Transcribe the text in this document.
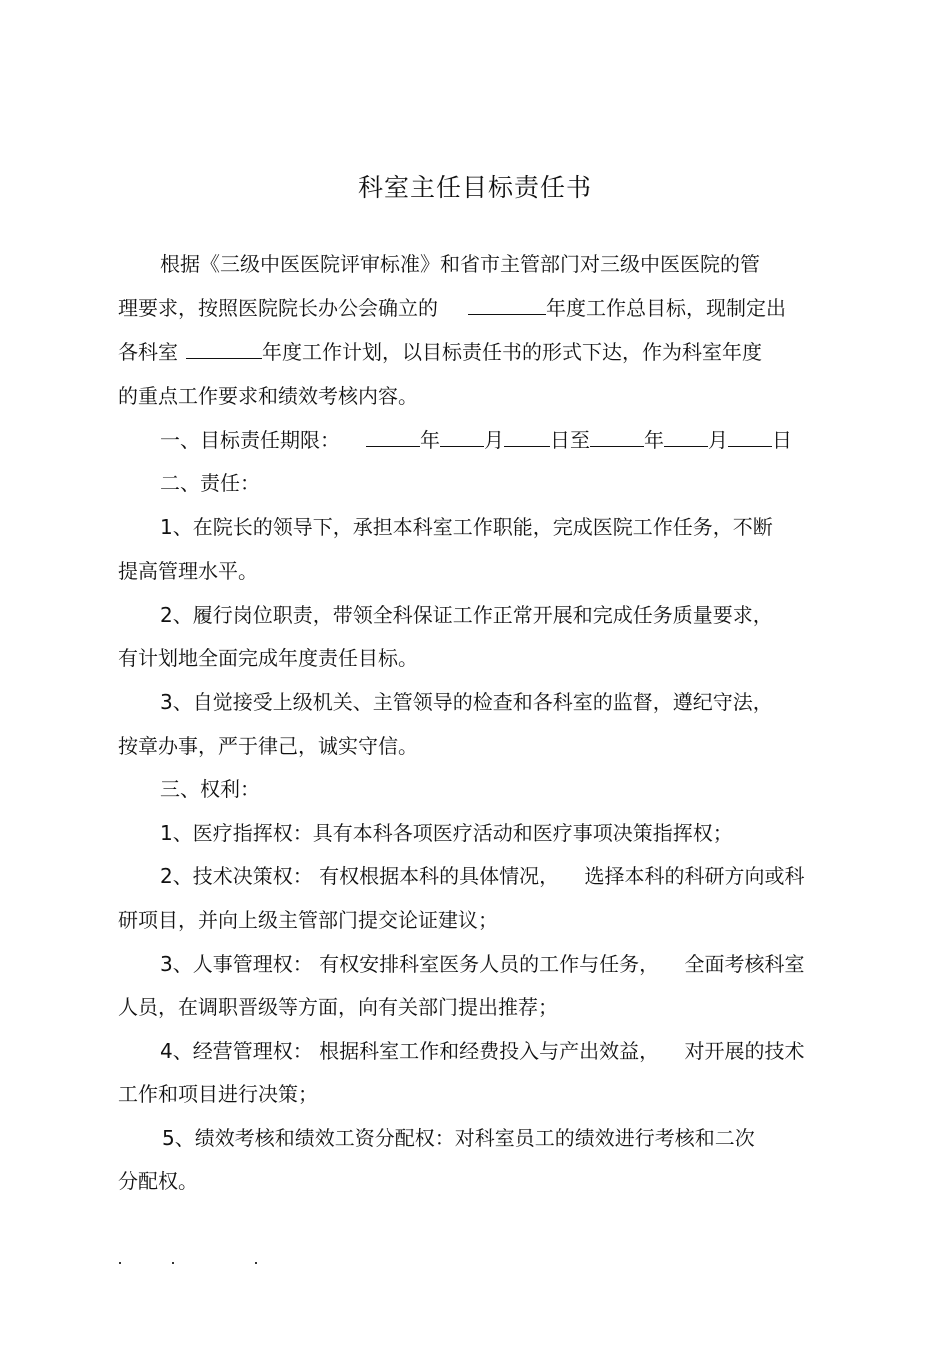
科室主任目标责任书
根据《三级中医医院评审标准》和省市主管部门对三级中医医院的管
理要求，按照医院院长办公会确立的	年度工作总目标，现制定出
各科室	年度工作计划，以目标责任书的形式下达，作为科室年度
的重点工作要求和绩效考核内容。
一、目标责任期限：	年 月 日至	年 月 日
二、责任：
1、在院长的领导下，承担本科室工作职能，完成医院工作任务，不断
提高管理水平。
2、履行岗位职责，带领全科保证工作正常开展和完成任务质量要求，
有计划地全面完成年度责任目标。
3、自觉接受上级机关、主管领导的检查和各科室的监督，遵纪守法，
按章办事，严于律己，诚实守信。
三、权利：
1、医疗指挥权：具有本科各项医疗活动和医疗事项决策指挥权；
2、技术决策权： 有权根据本科的具体情况，    选择本科的科研方向或科
研项目，并向上级主管部门提交论证建议；
3、人事管理权： 有权安排科室医务人员的工作与任务，    全面考核科室
人员，在调职晋级等方面，向有关部门提出推荐；
4、经营管理权： 根据科室工作和经费投入与产出效益，    对开展的技术
工作和项目进行决策；
5、绩效考核和绩效工资分配权：对科室员工的绩效进行考核和二次
分配权。
